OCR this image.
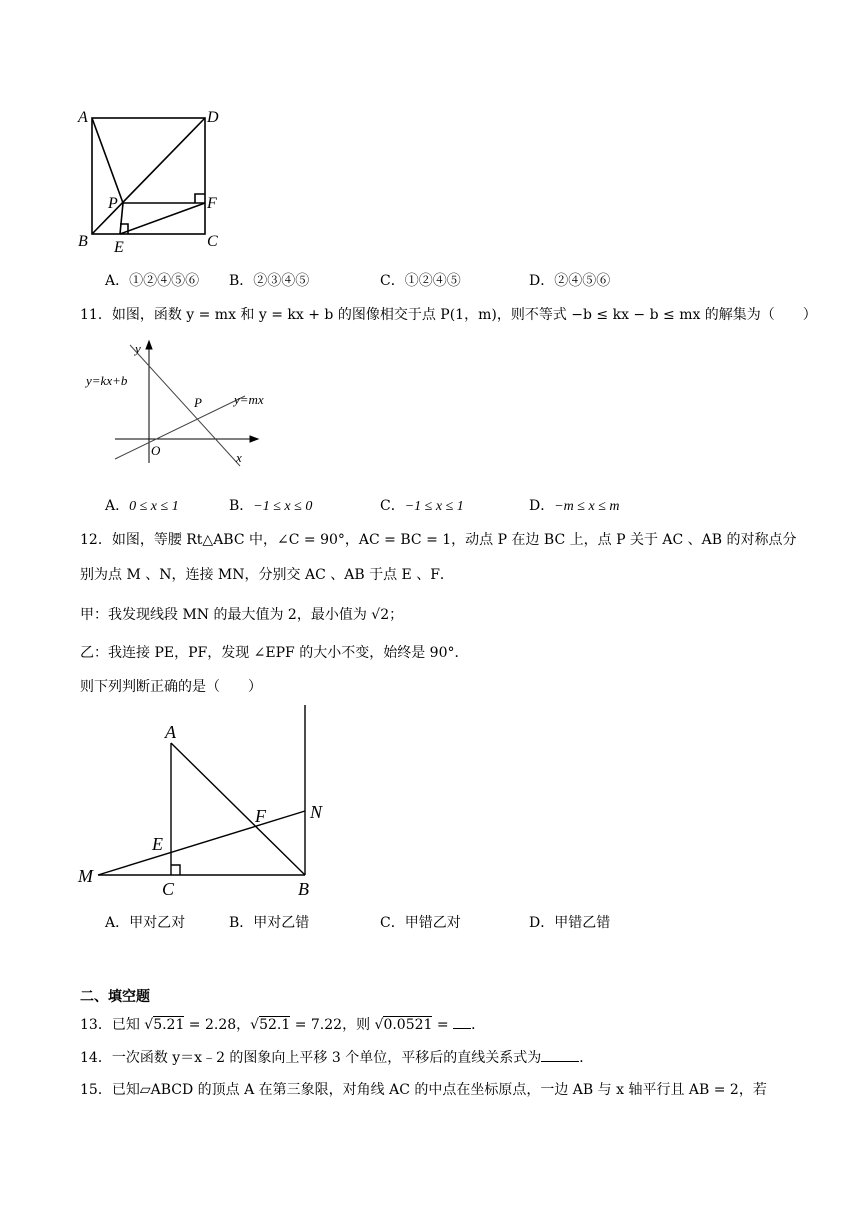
A	D
B	C
F
P
E
A．①②④⑤⑥ B．②③④⑤	C．①②④⑤	D．②④⑤⑥
11．如图，函数 y = mx 和 y = kx + b 的图像相交于点 P(1，m)，则不等式 −b ≤ kx − b ≤ mx 的解集为（　　）
y
x
O
P
y=kx+b
y=mx
A．0 ≤ x ≤ 1	B．−1 ≤ x ≤ 0	C．−1 ≤ x ≤ 1	D．−m ≤ x ≤ m
12．如图，等腰 Rt△ABC 中，∠C = 90°，AC = BC = 1，动点 P 在边 BC 上，点 P 关于 AC 、AB 的对称点分
别为点 M 、N，连接 MN，分别交 AC 、AB 于点 E 、F．
甲：我发现线段 MN 的最大值为 2，最小值为 √2；
乙：我连接 PE，PF，发现 ∠EPF 的大小不变，始终是 90°．
则下列判断正确的是（　　）
A
M
C	B
E
F N
A．甲对乙对	B．甲对乙错	C．甲错乙对	D．甲错乙错
二、填空题
13．已知 √5.21 = 2.28，√52.1 = 7.22，则 √0.0521 = ．
14．一次函数 y＝x﹣2 的图象向上平移 3 个单位，平移后的直线关系式为	．
15．已知▱ABCD 的顶点 A 在第三象限，对角线 AC 的中点在坐标原点，一边 AB 与 x 轴平行且 AB = 2，若
